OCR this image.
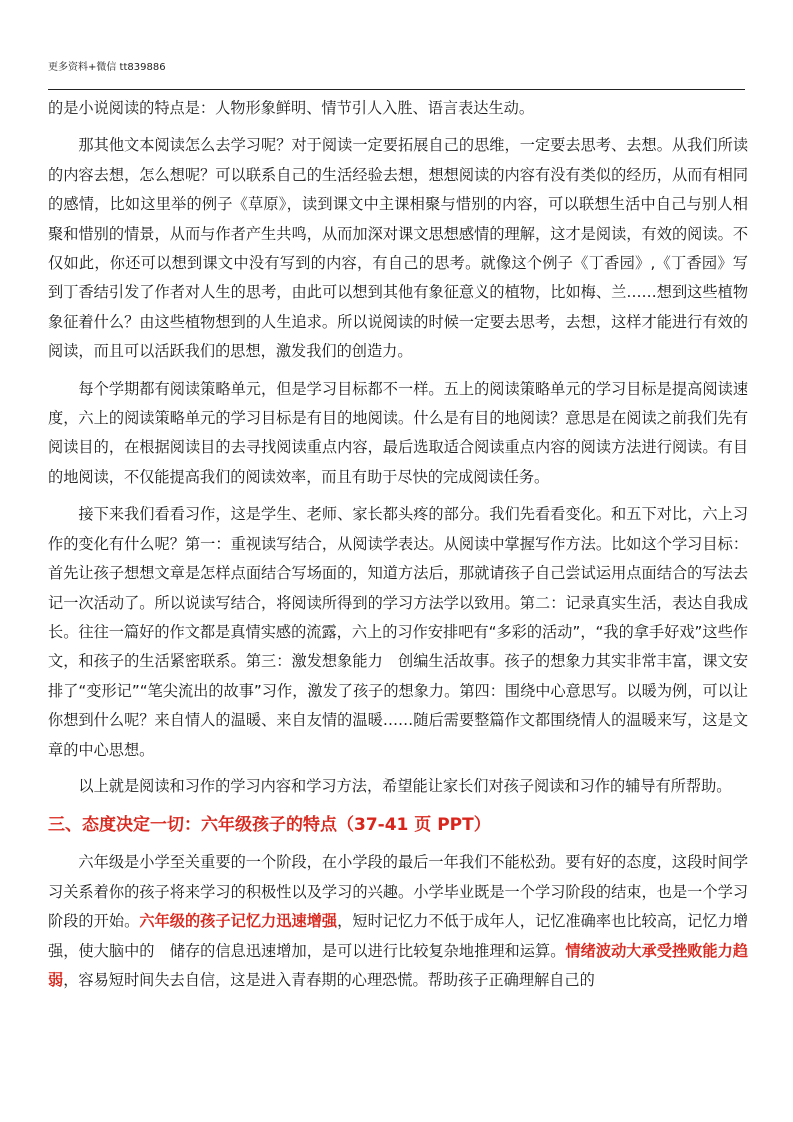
更多资料+微信 tt839886

的是小说阅读的特点是：人物形象鲜明、情节引人入胜、语言表达生动。

那其他文本阅读怎么去学习呢？对于阅读一定要拓展自己的思维，一定要去思考、去想。从我们所读的内容去想，怎么想呢？可以联系自己的生活经验去想，想想阅读的内容有没有类似的经历，从而有相同的感情，比如这里举的例子《草原》，读到课文中主课相聚与惜别的内容，可以联想生活中自己与别人相聚和惜别的情景，从而与作者产生共鸣，从而加深对课文思想感情的理解，这才是阅读，有效的阅读。不仅如此，你还可以想到课文中没有写到的内容，有自己的思考。就像这个例子《丁香园》,《丁香园》写到丁香结引发了作者对人生的思考，由此可以想到其他有象征意义的植物，比如梅、兰……想到这些植物象征着什么？由这些植物想到的人生追求。所以说阅读的时候一定要去思考，去想，这样才能进行有效的阅读，而且可以活跃我们的思想，激发我们的创造力。

每个学期都有阅读策略单元，但是学习目标都不一样。五上的阅读策略单元的学习目标是提高阅读速度，六上的阅读策略单元的学习目标是有目的地阅读。什么是有目的地阅读？意思是在阅读之前我们先有阅读目的，在根据阅读目的去寻找阅读重点内容，最后选取适合阅读重点内容的阅读方法进行阅读。有目的地阅读，不仅能提高我们的阅读效率，而且有助于尽快的完成阅读任务。

接下来我们看看习作，这是学生、老师、家长都头疼的部分。我们先看看变化。和五下对比，六上习作的变化有什么呢？第一：重视读写结合，从阅读学表达。从阅读中掌握写作方法。比如这个学习目标：首先让孩子想想文章是怎样点面结合写场面的，知道方法后，那就请孩子自己尝试运用点面结合的写法去记一次活动了。所以说读写结合，将阅读所得到的学习方法学以致用。第二：记录真实生活，表达自我成长。往往一篇好的作文都是真情实感的流露，六上的习作安排吧有“多彩的活动”，“我的拿手好戏”这些作文，和孩子的生活紧密联系。第三：激发想象能力　创编生活故事。孩子的想象力其实非常丰富，课文安排了“变形记”“笔尖流出的故事”习作，激发了孩子的想象力。第四：围绕中心意思写。以暖为例，可以让你想到什么呢？来自情人的温暖、来自友情的温暖……随后需要整篇作文都围绕情人的温暖来写，这是文章的中心思想。

以上就是阅读和习作的学习内容和学习方法，希望能让家长们对孩子阅读和习作的辅导有所帮助。

三、态度决定一切：六年级孩子的特点（37-41 页 PPT）

六年级是小学至关重要的一个阶段，在小学段的最后一年我们不能松劲。要有好的态度，这段时间学习关系着你的孩子将来学习的积极性以及学习的兴趣。小学毕业既是一个学习阶段的结束，也是一个学习阶段的开始。六年级的孩子记忆力迅速增强，短时记忆力不低于成年人，记忆准确率也比较高，记忆力增强，使大脑中的　储存的信息迅速增加，是可以进行比较复杂地推理和运算。情绪波动大承受挫败能力趋弱，容易短时间失去自信，这是进入青春期的心理恐慌。帮助孩子正确理解自己的
